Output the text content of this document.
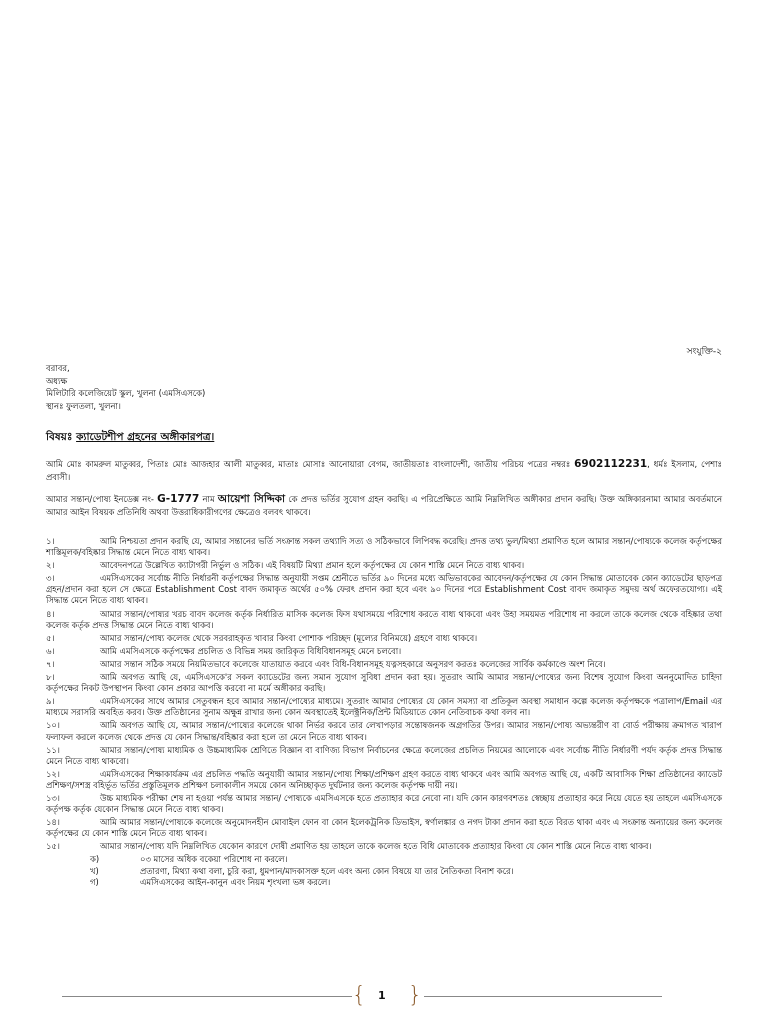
সংযুক্তি-২
বরাবর,
অধ্যক্ষ
মিলিটারি কলেজিয়েট স্কুল, খুলনা (এমসিএসকে)
স্থানঃ ফুলতলা, খুলনা।
বিষয়ঃ ক্যাডেটশীপ গ্রহনের অঙ্গীকারপত্র।
আমি মোঃ কামরুল মাতুব্বর, পিতাঃ মোঃ আজহার আলী মাতুব্বর, মাতাঃ মোসাঃ আনোয়ারা বেগম, জাতীয়তাঃ বাংলাদেশী, জাতীয় পরিচয় পত্রের নম্বরঃ 6902112231, ধর্মঃ ইসলাম, পেশাঃ প্রবাসী।
আমার সন্তান/পোষ্য ইনডেক্স নং- G-1777 নাম আয়েশা সিদ্দিকা কে প্রদত্ত ভর্তির সুযোগ গ্রহন করছি। এ পরিপ্রেক্ষিতে আমি নিম্নলিখিত অঙ্গীকার প্রদান করছি। উক্ত অঙ্গিকারনামা আমার অবর্তমানে আমার আইন বিষয়ক প্রতিনিধি অথবা উত্তরাধিকারীগণের ক্ষেত্রেও বলবৎ থাকবে।
১।	আমি নিশ্চয়তা প্রদান করছি যে, আমার সন্তানের ভর্তি সংক্রান্ত সকল তথ্যাদি সত্য ও সঠিকভাবে লিপিবদ্ধ করেছি। প্রদত্ত তথ্য ভুল/মিথ্যা প্রমাণিত হলে আমার সন্তান/পোষ্যকে কলেজ কর্তৃপক্ষের শাস্তিমূলক/বহিষ্কার সিদ্ধান্ত মেনে নিতে বাধ্য থাকব।
২।	আবেদনপত্রে উল্লেখিত ক্যাটাগরী নির্ভুল ও সঠিক। এই বিষয়টি মিথ্যা প্রমান হলে কর্তৃপক্ষের যে কোন শাস্তি মেনে নিতে বাধ্য থাকব।
৩।	এমসিএসকের সর্বোচ্চ নীতি নির্ধারনী কর্তৃপক্ষের সিদ্ধান্ত অনুযায়ী সপ্তম শ্রেনীতে ভর্তির ৯০ দিনের মধ্যে অভিভাবকের আবেদন/কর্তৃপক্ষের যে কোন সিদ্ধান্ত মোতাবেক কোন ক্যাডেটের ছাড়পত্র গ্রহন/প্রদান করা হলে সে ক্ষেত্রে Establishment Cost বাবদ জমাকৃত অর্থের ৫০% ফেরৎ প্রদান করা হবে এবং ৯০ দিনের পরে Establishment Cost বাবদ জমাকৃত সমুদয় অর্থ অফেরতযোগ্য। এই সিদ্ধান্ত মেনে নিতে বাধ্য থাকব।
৪।	আমার সন্তান/পোষ্যর খরচ বাবদ কলেজ কর্তৃক নির্ধারিত মাসিক কলেজ ফিস যথাসময়ে পরিশোধ করতে বাধ্য থাকবো এবং উহা সময়মত পরিশোধ না করলে তাকে কলেজ থেকে বহিষ্কার তথা কলেজ কর্তৃক প্রদত্ত সিদ্ধান্ত মেনে নিতে বাধ্য থাকব।
৫।	আমার সন্তান/পোষ্য কলেজ থেকে সরবরাহকৃত খাবার কিংবা পোশাক পরিচ্ছদ (মূল্যের বিনিময়ে) গ্রহণে বাধ্য থাকবে।
৬।	আমি এমসিএসকে কর্তৃপক্ষের প্রচলিত ও বিভিন্ন সময় জারিকৃত বিধিবিধানসমূহ মেনে চলবো।
৭।	আমার সন্তান সঠিক সময়ে নিয়মিতভাবে কলেজে যাতায়াত করবে এবং বিধি-বিধানসমূহ যত্নসহকারে অনুসরণ করতঃ কলেজের সার্বিক কর্মকাণ্ডে অংশ নিবে।
৮।	আমি অবগত আছি যে, এমসিএসকে'র সকল ক্যাডেটের জন্য সমান সুযোগ সুবিধা প্রদান করা হয়। সুতরাং আমি আমার সন্তান/পোষ্যের জন্য বিশেষ সুযোগ কিংবা অননুমোদিত চাহিদা কর্তৃপক্ষের নিকট উপস্থাপন কিংবা কোন প্রকার আপত্তি করবো না মর্মে অঙ্গীকার করছি।
৯।	এমসিএসকের সাথে আমার সেতুবন্ধন হবে আমার সন্তান/পোষ্যের মাধ্যমে। সুতরাং আমার পোষ্যের যে কোন সমস্যা বা প্রতিকূল অবস্থা সমাধান কল্পে কলেজ কর্তৃপক্ষকে পত্রালাপ/Email এর মাধ্যমে সরাসরি অবহিত করব। উক্ত প্রতিষ্ঠানের সুনাম অক্ষুন্ন রাখার জন্য কোন অবস্থাতেই ইলেক্ট্রনিক/প্রিন্ট মিডিয়াতে কোন নেতিবাচক কথা বলব না।
১০।	আমি অবগত আছি যে, আমার সন্তান/পোষ্যের কলেজে থাকা নির্ভর করবে তার লেখাপড়ার সন্তোষজনক অগ্রগতির উপর। আমার সন্তান/পোষ্য অভ্যন্তরীণ বা বোর্ড পরীক্ষায় ক্রমাগত খারাপ ফলাফল করলে কলেজ থেকে প্রদত্ত যে কোন সিদ্ধান্ত/বহিষ্কার করা হলে তা মেনে নিতে বাধ্য থাকব।
১১।	আমার সন্তান/পোষ্য মাধ্যমিক ও উচ্চমাধ্যমিক শ্রেণিতে বিজ্ঞান বা বাণিজ্য বিভাগ নির্বাচনের ক্ষেত্রে কলেজের প্রচলিত নিয়মের আলোকে এবং সর্বোচ্চ নীতি নির্ধারণী পর্যদ কর্তৃক প্রদত্ত সিদ্ধান্ত মেনে নিতে বাধ্য থাকবো।
১২।	এমসিএসকের শিক্ষাকার্যক্রম এর প্রচলিত পদ্ধতি অনুযায়ী আমার সন্তান/পোষ্য শিক্ষা/প্রশিক্ষণ গ্রহণ করতে বাধ্য থাকবে এবং আমি অবগত আছি যে, একটি আবাসিক শিক্ষা প্রতিষ্ঠানের ক্যাডেট প্রশিক্ষণ/সশস্ত্র বহির্ভূত ভর্তির প্রস্তুতিমূলক প্রশিক্ষণ চলাকালীন সময়ে কোন অনিচ্ছাকৃত দুর্ঘটনার জন্য কলেজ কর্তৃপক্ষ দায়ী নয়।
১৩।	উচ্চ মাধ্যমিক পরীক্ষা শেষ না হওয়া পর্যন্ত আমার সন্তান/ পোষ্যকে এমসিএসকে হতে প্রত্যাহার করে নেবো না। যদি কোন কারণবশতঃ স্বেচ্ছায় প্রত্যাহার করে নিয়ে যেতে হয় তাহলে এমসিএসকে কর্তৃপক্ষ কর্তৃক যেকোন সিদ্ধান্ত মেনে নিতে বাধ্য থাকব।
১৪।	আমি আমার সন্তান/পোষ্যকে কলেজে অনুমোদনহীন মোবাইল ফোন বা কোন ইলেকট্রনিক ডিভাইস, স্বর্ণালঙ্কার ও নগদ টাকা প্রদান করা হতে বিরত থাকা এবং এ সংক্রান্ত অন্যায়ের জন্য কলেজ কর্তৃপক্ষের যে কোন শাস্তি মেনে নিতে বাধ্য থাকব।
১৫।	আমার সন্তান/পোষ্য যদি নিম্নলিখিত যেকোন কারণে দোষী প্রমাণিত হয় তাহলে তাকে কলেজ হতে বিধি মোতাবেক প্রত্যাহার কিংবা যে কোন শাস্তি মেনে নিতে বাধ্য থাকব।
ক)	০৩ মাসের অধিক বকেয়া পরিশোধ না করলে।
খ)	প্রতারণা, মিথ্যা কথা বলা, চুরি করা, ধুমপান/মাদকাসক্ত হলে এবং অন্য কোন বিষয়ে যা তার নৈতিকতা বিনাশ করে।
গ)	এমসিএসকের আইন-কানুন এবং নিয়ম শৃংখলা ভঙ্গ করলে।
{ 1 }
